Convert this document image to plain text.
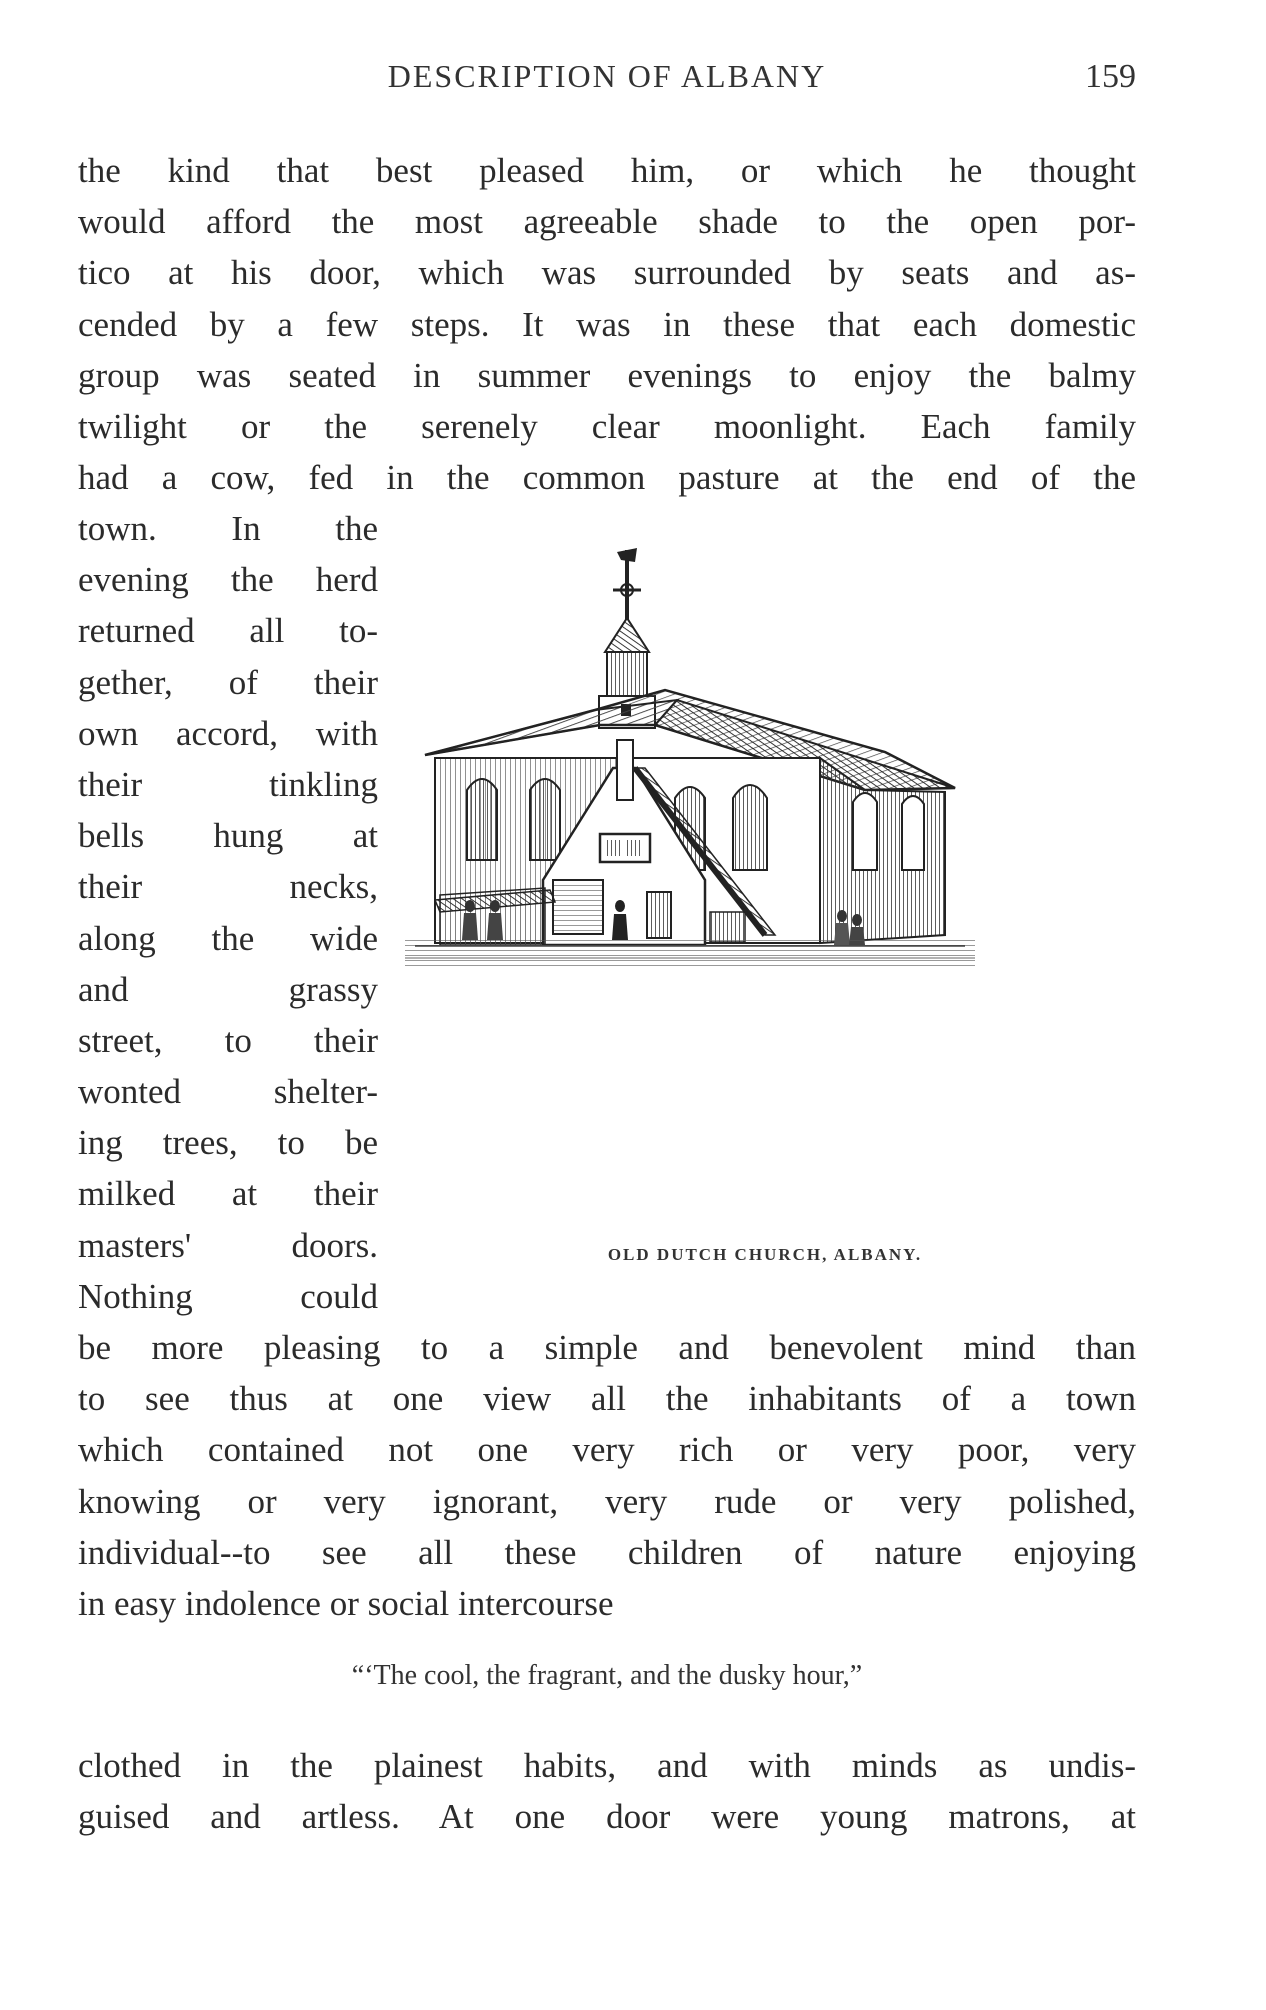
DESCRIPTION OF ALBANY	159
the kind that best pleased him, or which he thought
would afford the most agreeable shade to the open por-
tico at his door, which was surrounded by seats and as-
cended by a few steps. It was in these that each domestic
group was seated in summer evenings to enjoy the balmy
twilight or the serenely clear moonlight. Each family
had a cow, fed in the common pasture at the end of the
town. In the
evening the herd
returned all to-
gether, of their
own accord, with
their tinkling
bells hung at
their necks,
along the wide
and grassy
street, to their
wonted shelter-
ing trees, to be
milked at their
masters' doors.
Nothing could
OLD DUTCH CHURCH, ALBANY.
be more pleasing to a simple and benevolent mind than
to see thus at one view all the inhabitants of a town
which contained not one very rich or very poor, very
knowing or very ignorant, very rude or very polished,
individual--to see all these children of nature enjoying
in easy indolence or social intercourse
“‘The cool, the fragrant, and the dusky hour,”
clothed in the plainest habits, and with minds as undis-
guised and artless. At one door were young matrons, at
